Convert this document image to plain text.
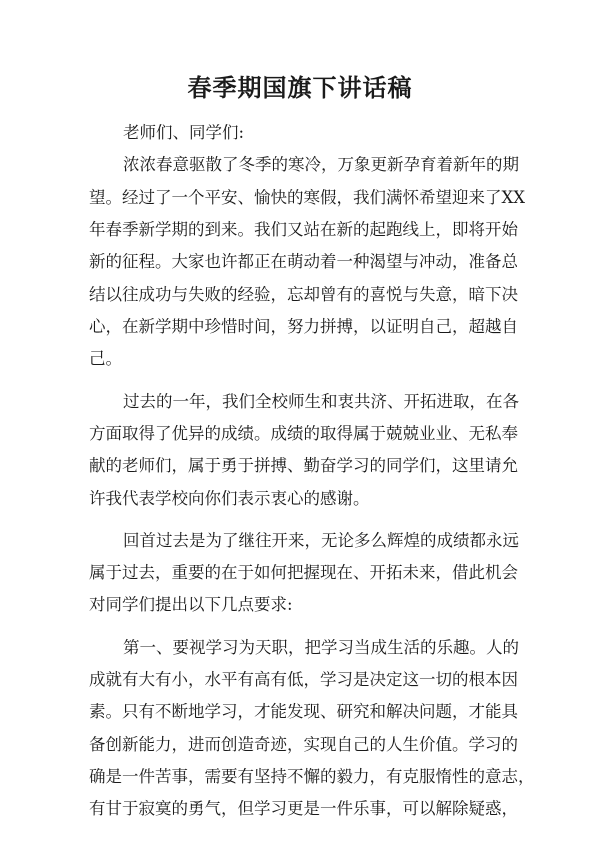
春季期国旗下讲话稿
老师们、同学们:
浓浓春意驱散了冬季的寒冷，万象更新孕育着新年的期
望。经过了一个平安、愉快的寒假，我们满怀希望迎来了XX
年春季新学期的到来。我们又站在新的起跑线上，即将开始
新的征程。大家也许都正在萌动着一种渴望与冲动，准备总
结以往成功与失败的经验，忘却曾有的喜悦与失意，暗下决
心，在新学期中珍惜时间，努力拼搏，以证明自己，超越自
己。
过去的一年，我们全校师生和衷共济、开拓进取，在各
方面取得了优异的成绩。成绩的取得属于兢兢业业、无私奉
献的老师们，属于勇于拼搏、勤奋学习的同学们，这里请允
许我代表学校向你们表示衷心的感谢。
回首过去是为了继往开来，无论多么辉煌的成绩都永远
属于过去，重要的在于如何把握现在、开拓未来，借此机会
对同学们提出以下几点要求:
第一、要视学习为天职，把学习当成生活的乐趣。人的
成就有大有小，水平有高有低，学习是决定这一切的根本因
素。只有不断地学习，才能发现、研究和解决问题，才能具
备创新能力，进而创造奇迹，实现自己的人生价值。学习的
确是一件苦事，需要有坚持不懈的毅力，有克服惰性的意志，
有甘于寂寞的勇气，但学习更是一件乐事，可以解除疑惑，
